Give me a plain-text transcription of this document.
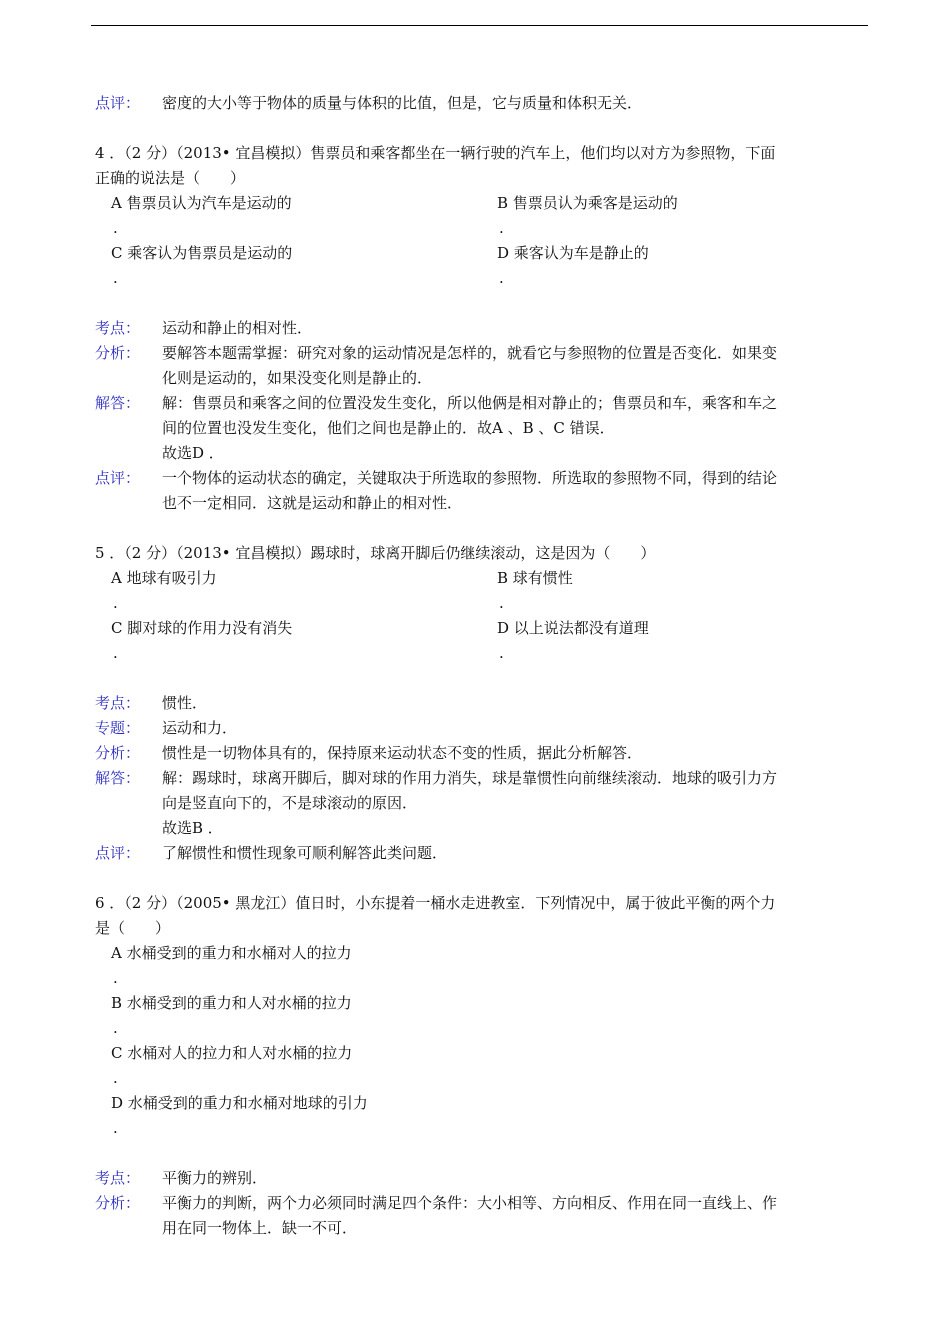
点评： 密度的大小等于物体的质量与体积的比值，但是，它与质量和体积无关．
4 ．（2 分）（2013• 宜昌模拟）售票员和乘客都坐在一辆行驶的汽车上，他们均以对方为参照物，下面
正确的说法是（　　）
A 售票员认为汽车是运动的	B 售票员认为乘客是运动的
.	.
C 乘客认为售票员是运动的	D 乘客认为车是静止的
.	.
考点： 运动和静止的相对性．
分析： 要解答本题需掌握：研究对象的运动情况是怎样的，就看它与参照物的位置是否变化．如果变
化则是运动的，如果没变化则是静止的．
解答： 解：售票员和乘客之间的位置没发生变化，所以他俩是相对静止的；售票员和车，乘客和车之
间的位置也没发生变化，他们之间也是静止的．故A 、B 、C 错误．
故选D ．
点评： 一个物体的运动状态的确定，关键取决于所选取的参照物．所选取的参照物不同，得到的结论
也不一定相同．这就是运动和静止的相对性．
5 ．（2 分）（2013• 宜昌模拟）踢球时，球离开脚后仍继续滚动，这是因为（　　）
A 地球有吸引力	B 球有惯性
.	.
C 脚对球的作用力没有消失	D 以上说法都没有道理
.	.
考点： 惯性．
专题： 运动和力．
分析： 惯性是一切物体具有的，保持原来运动状态不变的性质，据此分析解答．
解答： 解：踢球时，球离开脚后，脚对球的作用力消失，球是靠惯性向前继续滚动．地球的吸引力方
向是竖直向下的，不是球滚动的原因．
故选B ．
点评： 了解惯性和惯性现象可顺利解答此类问题．
6 ．（2 分）（2005• 黑龙江）值日时，小东提着一桶水走进教室．下列情况中，属于彼此平衡的两个力
是（　　）
A 水桶受到的重力和水桶对人的拉力
.
B 水桶受到的重力和人对水桶的拉力
.
C 水桶对人的拉力和人对水桶的拉力
.
D 水桶受到的重力和水桶对地球的引力
.
考点： 平衡力的辨别．
分析： 平衡力的判断，两个力必须同时满足四个条件：大小相等、方向相反、作用在同一直线上、作
用在同一物体上．缺一不可．
